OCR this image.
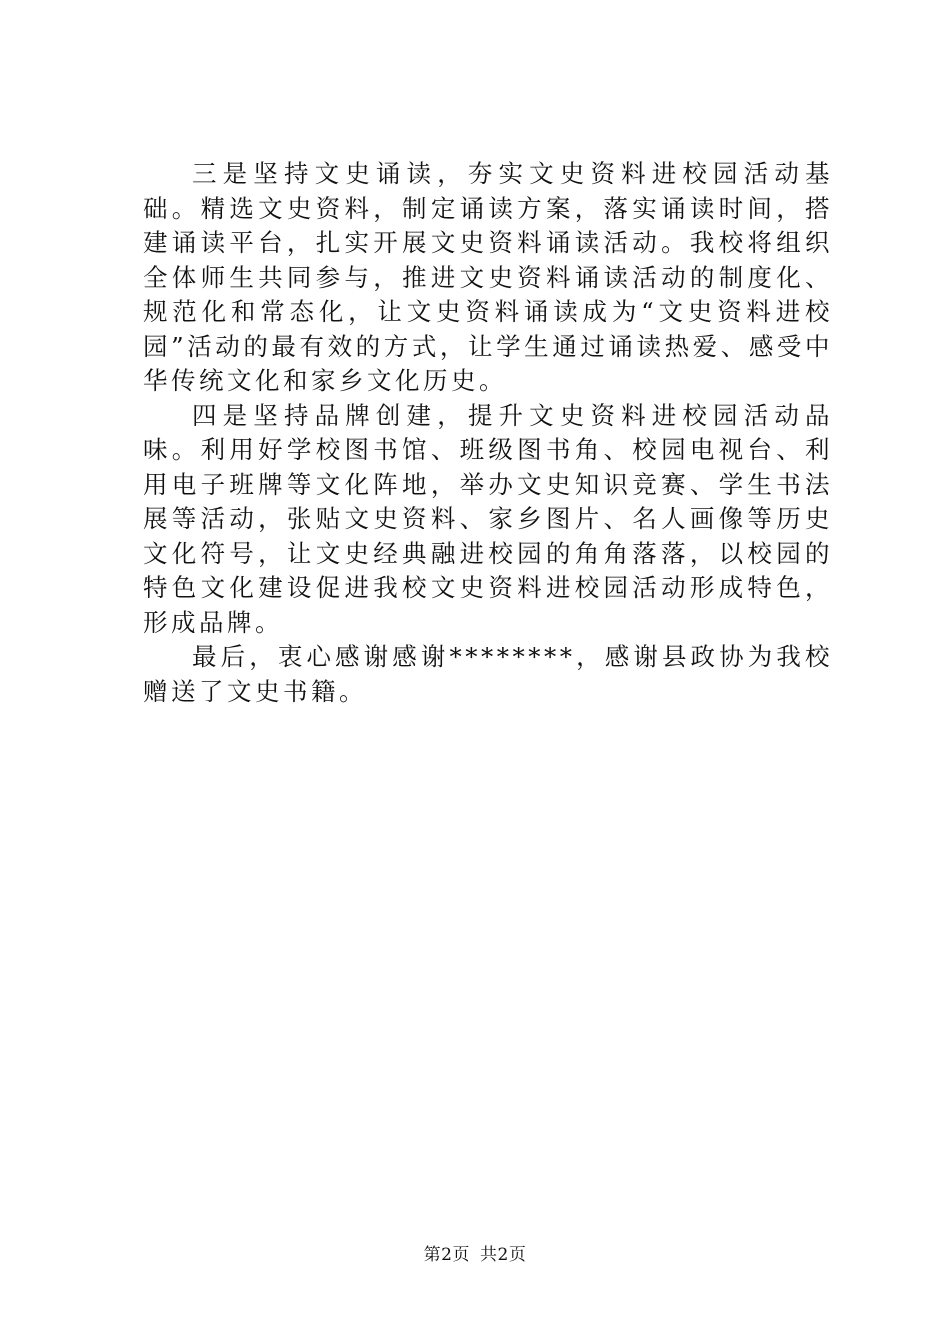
三是坚持文史诵读，夯实文史资料进校园活动基础。精选文史资料，制定诵读方案，落实诵读时间，搭建诵读平台，扎实开展文史资料诵读活动。我校将组织全体师生共同参与，推进文史资料诵读活动的制度化、规范化和常态化，让文史资料诵读成为“文史资料进校园”活动的最有效的方式，让学生通过诵读热爱、感受中华传统文化和家乡文化历史。

四是坚持品牌创建，提升文史资料进校园活动品味。利用好学校图书馆、班级图书角、校园电视台、利用电子班牌等文化阵地，举办文史知识竞赛、学生书法展等活动，张贴文史资料、家乡图片、名人画像等历史文化符号，让文史经典融进校园的角角落落，以校园的特色文化建设促进我校文史资料进校园活动形成特色，形成品牌。

最后，衷心感谢感谢********，感谢县政协为我校赠送了文史书籍。

第2页 共2页
